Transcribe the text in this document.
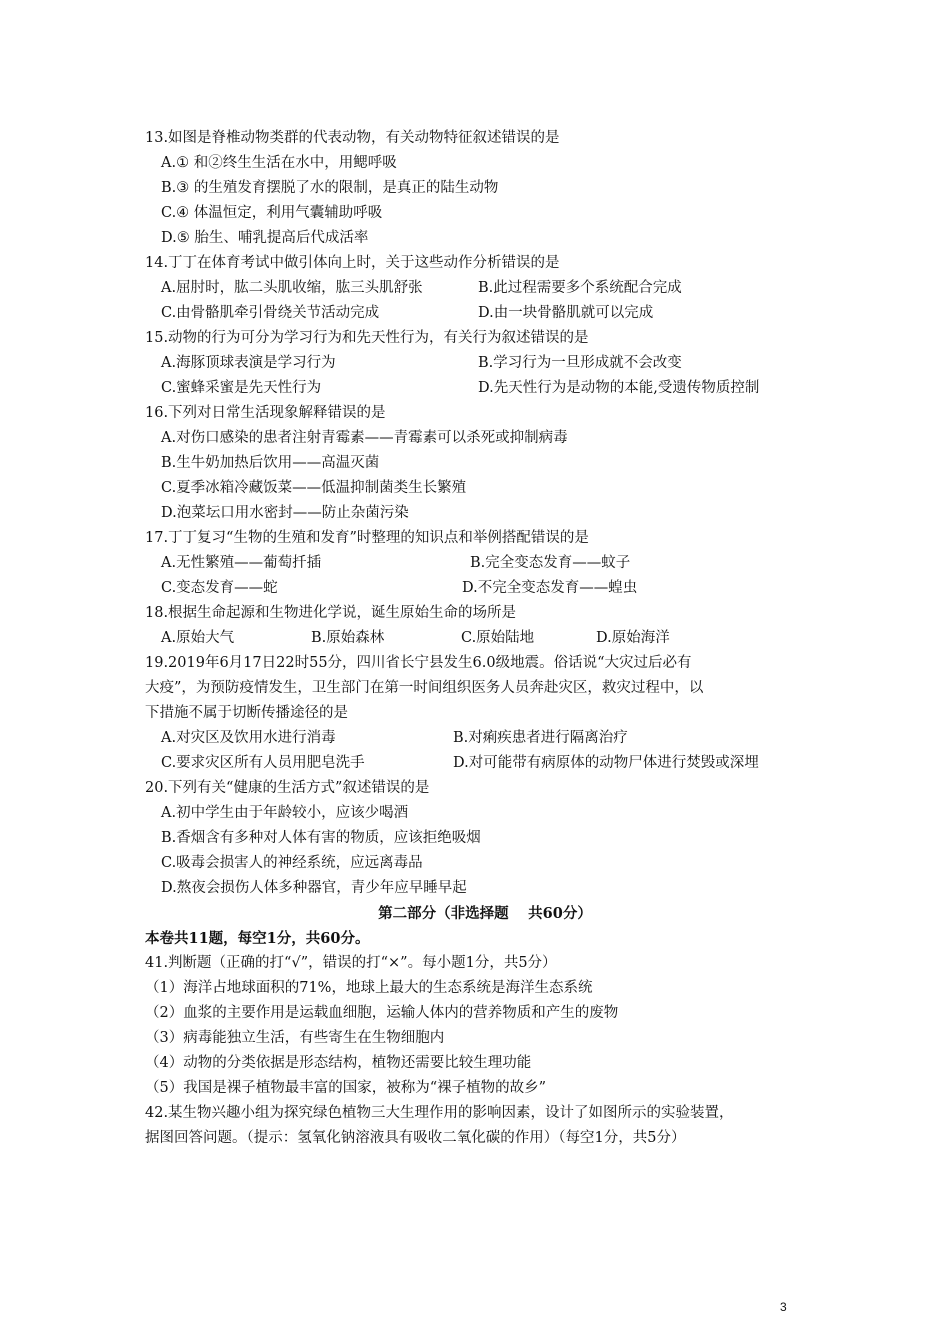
13.如图是脊椎动物类群的代表动物，有关动物特征叙述错误的是
A.① 和②终生生活在水中，用鳃呼吸
B.③ 的生殖发育摆脱了水的限制，是真正的陆生动物
C.④ 体温恒定，利用气囊辅助呼吸
D.⑤ 胎生、哺乳提高后代成活率
14.丁丁在体育考试中做引体向上时，关于这些动作分析错误的是
A.屈肘时，肱二头肌收缩，肱三头肌舒张	B.此过程需要多个系统配合完成
C.由骨骼肌牵引骨绕关节活动完成	D.由一块骨骼肌就可以完成
15.动物的行为可分为学习行为和先天性行为，有关行为叙述错误的是
A.海豚顶球表演是学习行为	B.学习行为一旦形成就不会改变
C.蜜蜂采蜜是先天性行为	D.先天性行为是动物的本能,受遗传物质控制
16.下列对日常生活现象解释错误的是
A.对伤口感染的患者注射青霉素——青霉素可以杀死或抑制病毒
B.生牛奶加热后饮用——高温灭菌
C.夏季冰箱冷藏饭菜——低温抑制菌类生长繁殖
D.泡菜坛口用水密封——防止杂菌污染
17.丁丁复习“生物的生殖和发育”时整理的知识点和举例搭配错误的是
A.无性繁殖——葡萄扦插	B.完全变态发育——蚊子
C.变态发育——蛇	D.不完全变态发育——蝗虫
18.根据生命起源和生物进化学说，诞生原始生命的场所是
A.原始大气	B.原始森林	C.原始陆地	D.原始海洋
19.2019年6月17日22时55分，四川省长宁县发生6.0级地震。俗话说“大灾过后必有
大疫”，为预防疫情发生，卫生部门在第一时间组织医务人员奔赴灾区，救灾过程中，以
下措施不属于切断传播途径的是
A.对灾区及饮用水进行消毒	B.对痢疾患者进行隔离治疗
C.要求灾区所有人员用肥皂洗手	D.对可能带有病原体的动物尸体进行焚毁或深埋
20.下列有关“健康的生活方式”叙述错误的是
A.初中学生由于年龄较小，应该少喝酒
B.香烟含有多种对人体有害的物质，应该拒绝吸烟
C.吸毒会损害人的神经系统，应远离毒品
D.熬夜会损伤人体多种器官，青少年应早睡早起
第二部分（非选择题　 共60分）
本卷共11题，每空1分，共60分。
41.判断题（正确的打“√”，错误的打“×”。每小题1分，共5分）
（1）海洋占地球面积的71%，地球上最大的生态系统是海洋生态系统
（2）血浆的主要作用是运载血细胞，运输人体内的营养物质和产生的废物
（3）病毒能独立生活，有些寄生在生物细胞内
（4）动物的分类依据是形态结构，植物还需要比较生理功能
（5）我国是裸子植物最丰富的国家，被称为“裸子植物的故乡”
42.某生物兴趣小组为探究绿色植物三大生理作用的影响因素，设计了如图所示的实验装置，
据图回答问题。（提示：氢氧化钠溶液具有吸收二氧化碳的作用）（每空1分，共5分）
3
